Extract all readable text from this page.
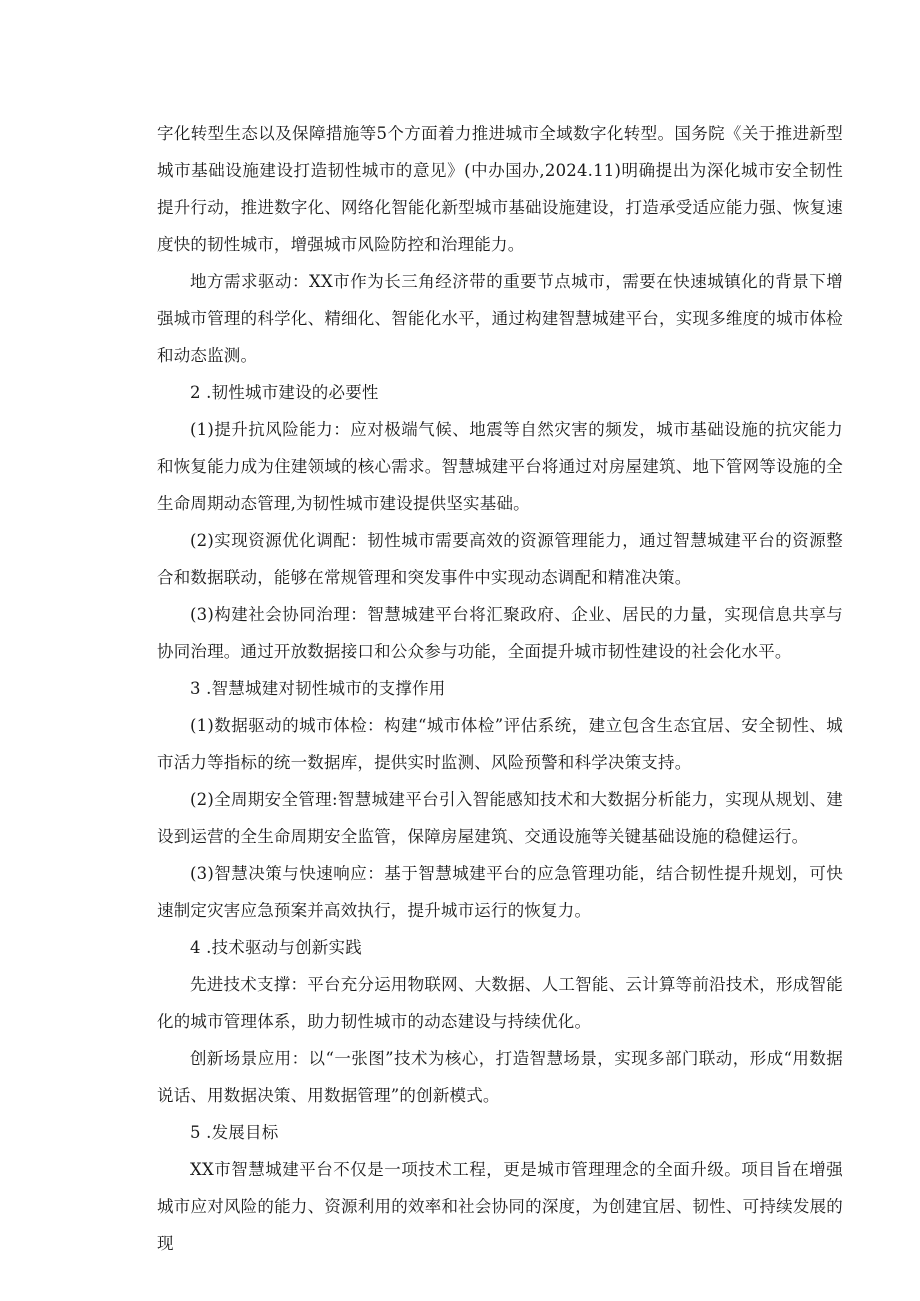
字化转型生态以及保障措施等5个方面着力推进城市全域数字化转型。国务院《关于推进新型城市基础设施建设打造韧性城市的意见》(中办国办,2024.11)明确提出为深化城市安全韧性提升行动，推进数字化、网络化智能化新型城市基础设施建设，打造承受适应能力强、恢复速度快的韧性城市，增强城市风险防控和治理能力。

地方需求驱动：XX市作为长三角经济带的重要节点城市，需要在快速城镇化的背景下增强城市管理的科学化、精细化、智能化水平，通过构建智慧城建平台，实现多维度的城市体检和动态监测。

2 .韧性城市建设的必要性

(1)提升抗风险能力：应对极端气候、地震等自然灾害的频发，城市基础设施的抗灾能力和恢复能力成为住建领域的核心需求。智慧城建平台将通过对房屋建筑、地下管网等设施的全生命周期动态管理,为韧性城市建设提供坚实基础。

(2)实现资源优化调配：韧性城市需要高效的资源管理能力，通过智慧城建平台的资源整合和数据联动，能够在常规管理和突发事件中实现动态调配和精准决策。

(3)构建社会协同治理：智慧城建平台将汇聚政府、企业、居民的力量，实现信息共享与协同治理。通过开放数据接口和公众参与功能，全面提升城市韧性建设的社会化水平。

3 .智慧城建对韧性城市的支撑作用

(1)数据驱动的城市体检：构建“城市体检”评估系统，建立包含生态宜居、安全韧性、城市活力等指标的统一数据库，提供实时监测、风险预警和科学决策支持。

(2)全周期安全管理:智慧城建平台引入智能感知技术和大数据分析能力，实现从规划、建设到运营的全生命周期安全监管，保障房屋建筑、交通设施等关键基础设施的稳健运行。

(3)智慧决策与快速响应：基于智慧城建平台的应急管理功能，结合韧性提升规划，可快速制定灾害应急预案并高效执行，提升城市运行的恢复力。

4 .技术驱动与创新实践

先进技术支撑：平台充分运用物联网、大数据、人工智能、云计算等前沿技术，形成智能化的城市管理体系，助力韧性城市的动态建设与持续优化。

创新场景应用：以“一张图”技术为核心，打造智慧场景，实现多部门联动，形成“用数据说话、用数据决策、用数据管理”的创新模式。

5 .发展目标

XX市智慧城建平台不仅是一项技术工程，更是城市管理理念的全面升级。项目旨在增强城市应对风险的能力、资源利用的效率和社会协同的深度，为创建宜居、韧性、可持续发展的现
